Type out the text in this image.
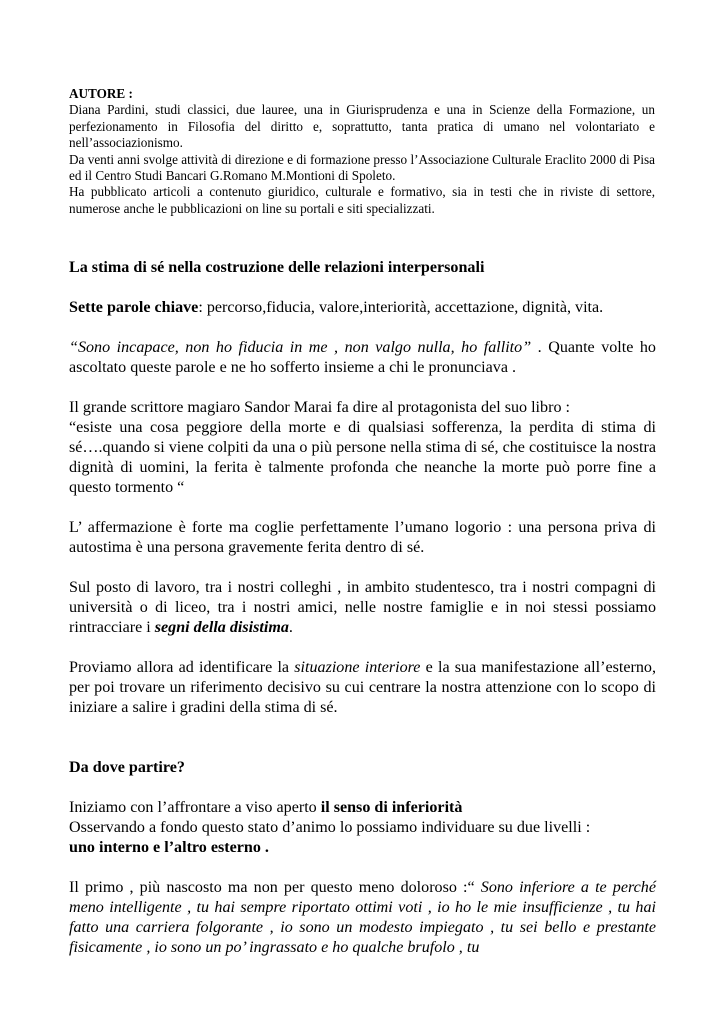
AUTORE :

Diana Pardini, studi classici, due lauree, una in Giurisprudenza e una in Scienze della Formazione, un perfezionamento in Filosofia del diritto e, soprattutto, tanta pratica di umano nel volontariato e nell’associazionismo.

Da venti anni svolge attività di direzione e di formazione presso l’Associazione Culturale Eraclito 2000 di Pisa ed il Centro Studi Bancari G.Romano M.Montioni di Spoleto.

Ha pubblicato articoli a contenuto giuridico, culturale e formativo, sia in testi che in riviste di settore, numerose anche le pubblicazioni on line su portali e siti specializzati.

La stima di sé nella costruzione delle relazioni interpersonali

Sette parole chiave: percorso,fiducia, valore,interiorità, accettazione, dignità, vita.

“Sono incapace, non ho fiducia in me , non valgo nulla, ho fallito” . Quante volte ho ascoltato queste parole e ne ho sofferto insieme a chi le pronunciava .

Il grande scrittore magiaro Sandor Marai fa dire al protagonista del suo libro :

“esiste una cosa peggiore della morte e di qualsiasi sofferenza, la perdita di stima di sé….quando si viene colpiti da una o più persone nella stima di sé, che costituisce la nostra dignità di uomini, la ferita è talmente profonda che neanche la morte può porre fine a questo tormento “

L’ affermazione è forte ma coglie perfettamente l’umano logorio : una persona priva di autostima è una persona gravemente ferita dentro di sé.

Sul posto di lavoro, tra i nostri colleghi , in ambito studentesco, tra i nostri compagni di università o di liceo, tra i nostri amici, nelle nostre famiglie e in noi stessi possiamo rintracciare i segni della disistima.

Proviamo allora ad identificare la situazione interiore e la sua manifestazione all’esterno, per poi trovare un riferimento decisivo su cui centrare la nostra attenzione con lo scopo di iniziare a salire i gradini della stima di sé.

Da dove partire?

Iniziamo con l’affrontare a viso aperto il senso di inferiorità

Osservando a fondo questo stato d’animo lo possiamo individuare su due livelli :

uno interno e l’altro esterno .

Il primo , più nascosto ma non per questo meno doloroso :“ Sono inferiore a te perché meno intelligente , tu hai sempre riportato ottimi voti , io ho le mie insufficienze , tu hai fatto una carriera folgorante , io sono un modesto impiegato , tu sei bello e prestante fisicamente , io sono un po’ ingrassato e ho qualche brufolo , tu
